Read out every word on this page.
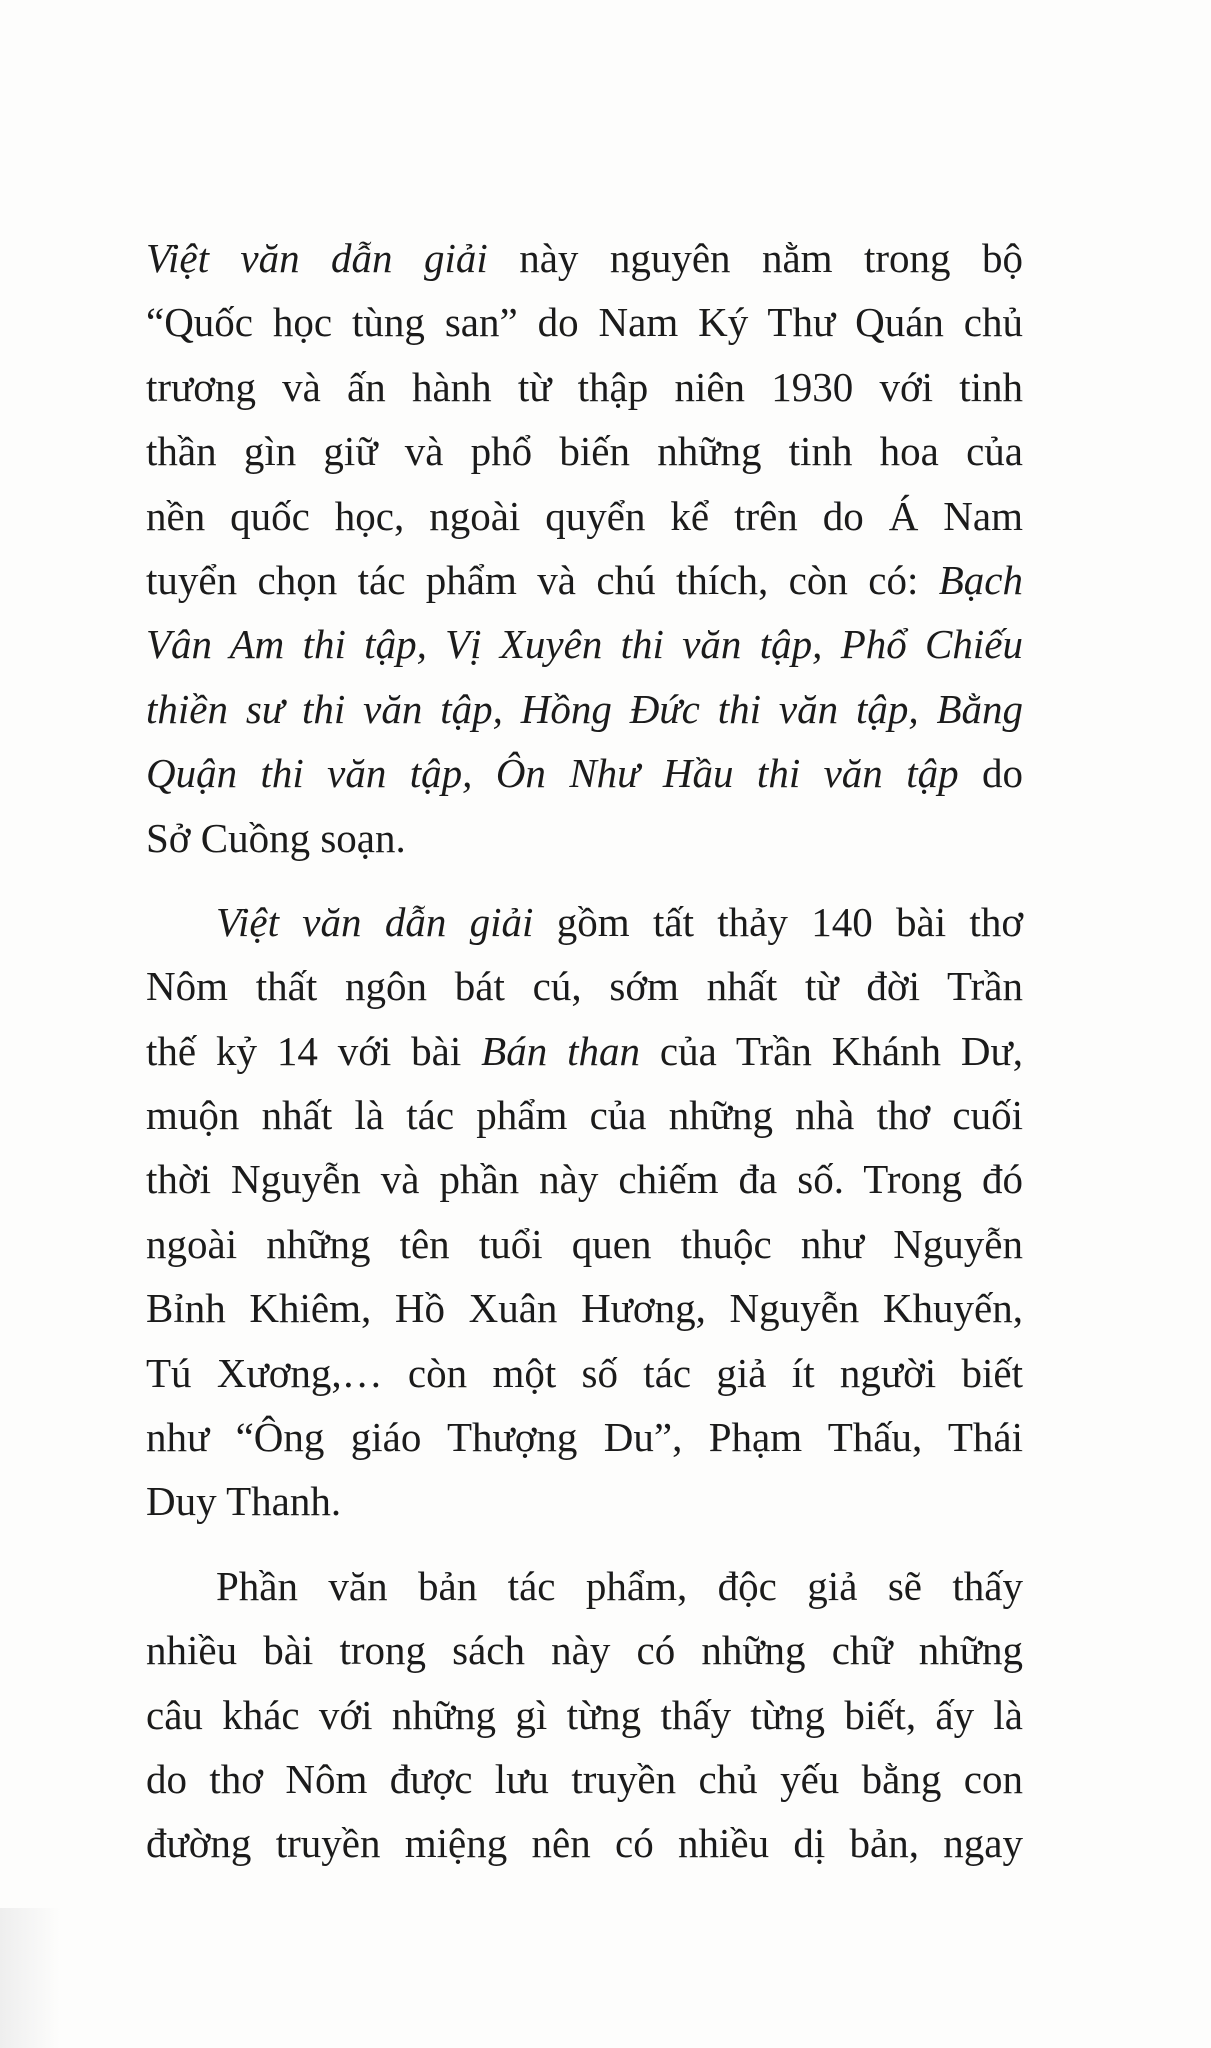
Việt văn dẫn giải này nguyên nằm trong bộ
“Quốc học tùng san” do Nam Ký Thư Quán chủ
trương và ấn hành từ thập niên 1930 với tinh
thần gìn giữ và phổ biến những tinh hoa của
nền quốc học, ngoài quyển kể trên do Á Nam
tuyển chọn tác phẩm và chú thích, còn có: Bạch
Vân Am thi tập, Vị Xuyên thi văn tập, Phổ Chiếu
thiền sư thi văn tập, Hồng Đức thi văn tập, Bằng
Quận thi văn tập, Ôn Như Hầu thi văn tập do
Sở Cuồng soạn.
Việt văn dẫn giải gồm tất thảy 140 bài thơ
Nôm thất ngôn bát cú, sớm nhất từ đời Trần
thế kỷ 14 với bài Bán than của Trần Khánh Dư,
muộn nhất là tác phẩm của những nhà thơ cuối
thời Nguyễn và phần này chiếm đa số. Trong đó
ngoài những tên tuổi quen thuộc như Nguyễn
Bỉnh Khiêm, Hồ Xuân Hương, Nguyễn Khuyến,
Tú Xương,… còn một số tác giả ít người biết
như “Ông giáo Thượng Du”, Phạm Thấu, Thái
Duy Thanh.
Phần văn bản tác phẩm, độc giả sẽ thấy
nhiều bài trong sách này có những chữ những
câu khác với những gì từng thấy từng biết, ấy là
do thơ Nôm được lưu truyền chủ yếu bằng con
đường truyền miệng nên có nhiều dị bản, ngay
